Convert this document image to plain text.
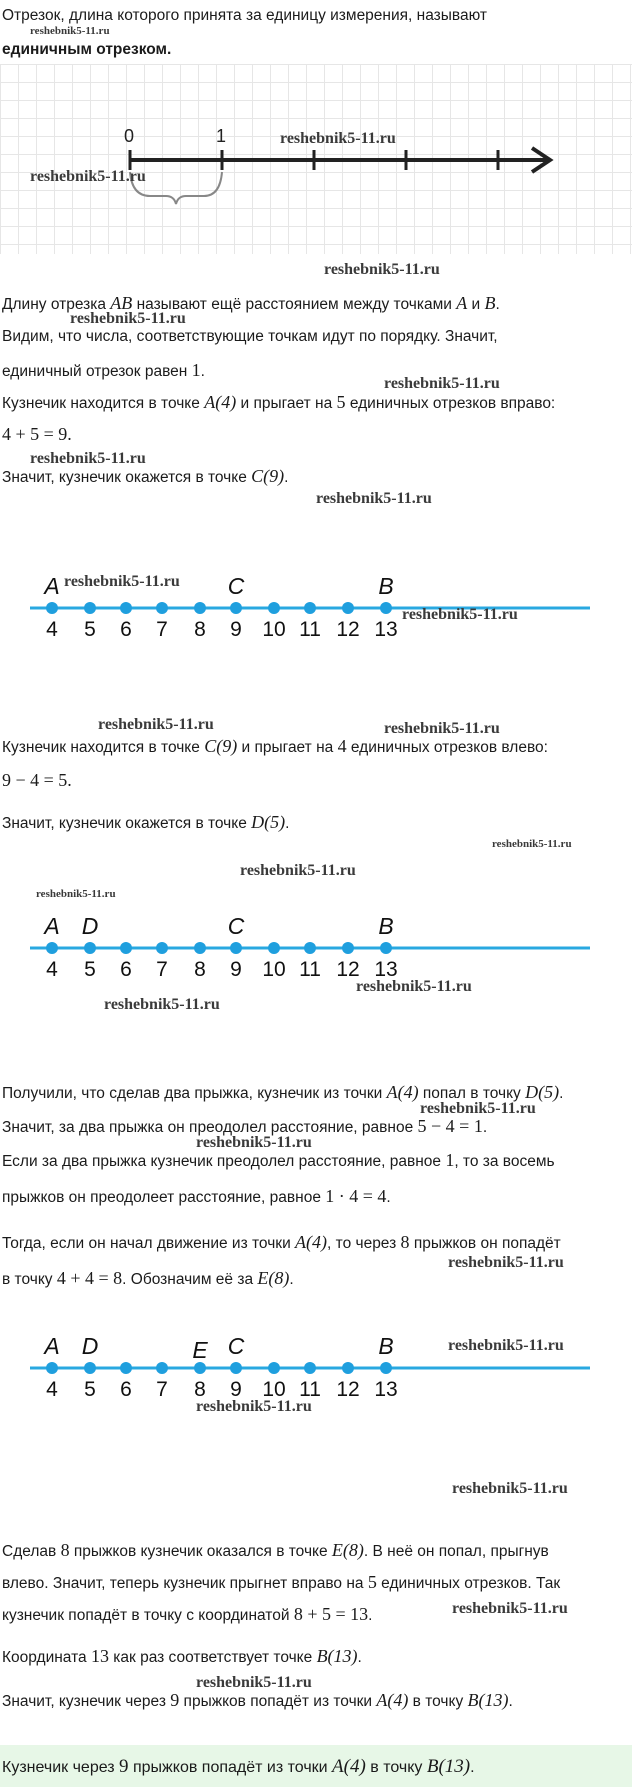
Отрезок, длина которого принята за единицу измерения, называют
reshebnik5-11.ru
единичным отрезком.
0	1	reshebnik5-11.ru
reshebnik5-11.ru
reshebnik5-11.ru
Длину отрезка AB называют ещё расстоянием между точками A и B.
reshebnik5-11.ru
Видим, что числа, соответствующие точкам идут по порядку. Значит,
единичный отрезок равен 1.
reshebnik5-11.ru
Кузнечик находится в точке A(4) и прыгает на 5 единичных отрезков вправо:
4 + 5 = 9.
reshebnik5-11.ru
Значит, кузнечик окажется в точке C(9).
reshebnik5-11.ru
4 5 6 7 8 9 10 11 12 13
A	C	B
reshebnik5-11.ru
reshebnik5-11.ru
reshebnik5-11.ru	reshebnik5-11.ru
Кузнечик находится в точке C(9) и прыгает на 4 единичных отрезков влево:
9 − 4 = 5.
Значит, кузнечик окажется в точке D(5).
reshebnik5-11.ru
reshebnik5-11.ru
reshebnik5-11.ru
4 5 6 7 8 9 10 11 12 13
A D	C	B
reshebnik5-11.ru
reshebnik5-11.ru
Получили, что сделав два прыжка, кузнечик из точки A(4) попал в точку D(5).
reshebnik5-11.ru
Значит, за два прыжка он преодолел расстояние, равное 5 − 4 = 1.
reshebnik5-11.ru
Если за два прыжка кузнечик преодолел расстояние, равное 1, то за восемь
прыжков он преодолеет расстояние, равное 1 · 4 = 4.
Тогда, если он начал движение из точки A(4), то через 8 прыжков он попадёт
reshebnik5-11.ru
в точку 4 + 4 = 8. Обозначим её за E(8).
4 5 6 7 8 9 10 11 12 13
A D	E C	B	reshebnik5-11.ru
reshebnik5-11.ru
reshebnik5-11.ru
Сделав 8 прыжков кузнечик оказался в точке E(8). В неё он попал, прыгнув
влево. Значит, теперь кузнечик прыгнет вправо на 5 единичных отрезков. Так
кузнечик попадёт в точку с координатой 8 + 5 = 13.	reshebnik5-11.ru
Координата 13 как раз соответствует точке B(13).
reshebnik5-11.ru
Значит, кузнечик через 9 прыжков попадёт из точки A(4) в точку B(13).
Кузнечик через 9 прыжков попадёт из точки A(4) в точку B(13).
